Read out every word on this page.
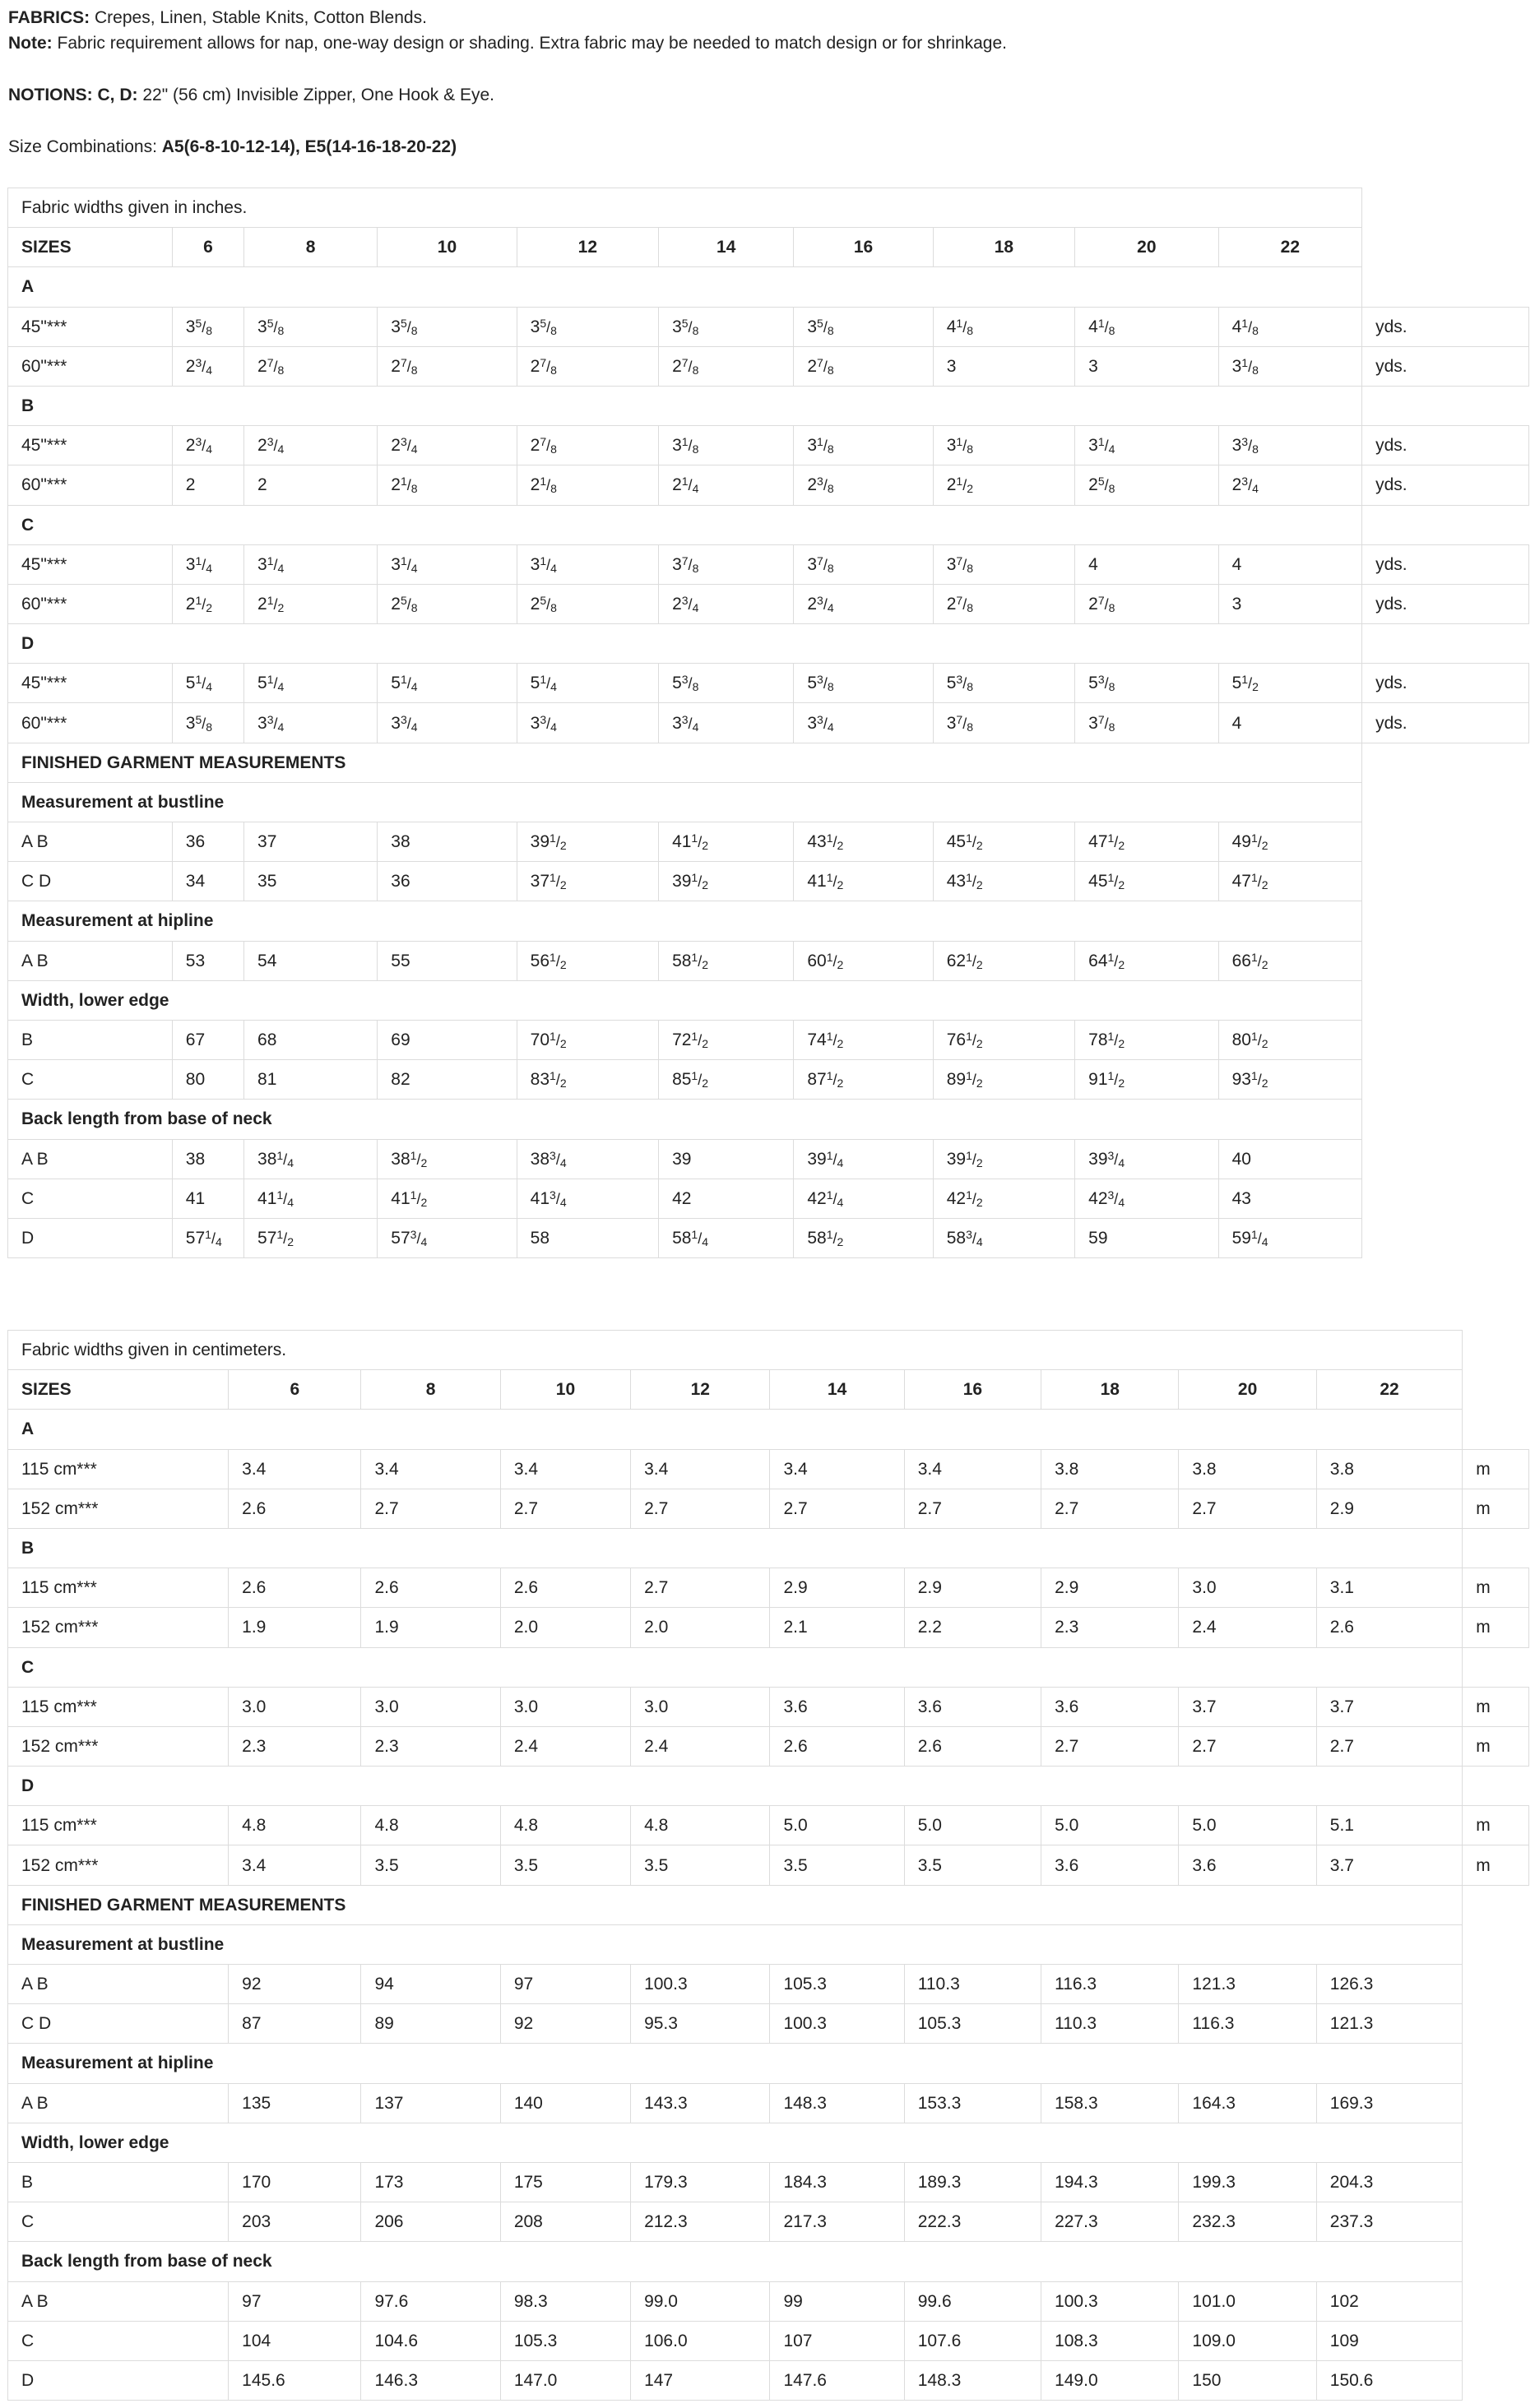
FABRICS: Crepes, Linen, Stable Knits, Cotton Blends.

Note: Fabric requirement allows for nap, one-way design or shading. Extra fabric may be needed to match design or for shrinkage.

NOTIONS: C, D: 22" (56 cm) Invisible Zipper, One Hook & Eye.

Size Combinations: A5(6-8-10-12-14), E5(14-16-18-20-22)

Fabric widths given in inches.										
SIZES	6	8	10	12	14	16	18	20	22	
A										
45"***	$3^5/_8$	$3^5/_8$	$3^5/_8$	$3^5/_8$	$3^5/_8$	$3^5/_8$	$4^1/_8$	$4^1/_8$	$4^1/_8$	yds.
60"***	$2^3/_4$	$2^7/_8$	$2^7/_8$	$2^7/_8$	$2^7/_8$	$2^7/_8$	3	3	$3^1/_8$	yds.
B										
45"***	$2^3/_4$	$2^3/_4$	$2^3/_4$	$2^7/_8$	$3^1/_8$	$3^1/_8$	$3^1/_8$	$3^1/_4$	$3^3/_8$	yds.
60"***	2	2	$2^1/_8$	$2^1/_8$	$2^1/_4$	$2^3/_8$	$2^1/_2$	$2^5/_8$	$2^3/_4$	yds.
C										
45"***	$3^1/_4$	$3^1/_4$	$3^1/_4$	$3^1/_4$	$3^7/_8$	$3^7/_8$	$3^7/_8$	4	4	yds.
60"***	$2^1/_2$	$2^1/_2$	$2^5/_8$	$2^5/_8$	$2^3/_4$	$2^3/_4$	$2^7/_8$	$2^7/_8$	3	yds.
D										
45"***	$5^1/_4$	$5^1/_4$	$5^1/_4$	$5^1/_4$	$5^3/_8$	$5^3/_8$	$5^3/_8$	$5^3/_8$	$5^1/_2$	yds.
60"***	$3^5/_8$	$3^3/_4$	$3^3/_4$	$3^3/_4$	$3^3/_4$	$3^3/_4$	$3^7/_8$	$3^7/_8$	4	yds.
FINISHED GARMENT MEASUREMENTS										
Measurement at bustline										
A B	36	37	38	$39^1/_2$	$41^1/_2$	$43^1/_2$	$45^1/_2$	$47^1/_2$	$49^1/_2$	
C D	34	35	36	$37^1/_2$	$39^1/_2$	$41^1/_2$	$43^1/_2$	$45^1/_2$	$47^1/_2$	
Measurement at hipline										
A B	53	54	55	$56^1/_2$	$58^1/_2$	$60^1/_2$	$62^1/_2$	$64^1/_2$	$66^1/_2$	
Width, lower edge										
B	67	68	69	$70^1/_2$	$72^1/_2$	$74^1/_2$	$76^1/_2$	$78^1/_2$	$80^1/_2$	
C	80	81	82	$83^1/_2$	$85^1/_2$	$87^1/_2$	$89^1/_2$	$91^1/_2$	$93^1/_2$	
Back length from base of neck										
A B	38	$38^1/_4$	$38^1/_2$	$38^3/_4$	39	$39^1/_4$	$39^1/_2$	$39^3/_4$	40	
C	41	$41^1/_4$	$41^1/_2$	$41^3/_4$	42	$42^1/_4$	$42^1/_2$	$42^3/_4$	43	
D	$57^1/_4$	$57^1/_2$	$57^3/_4$	58	$58^1/_4$	$58^1/_2$	$58^3/_4$	59	$59^1/_4$	
Fabric widths given in centimeters.										
SIZES	6	8	10	12	14	16	18	20	22	
A										
115 cm***	3.4	3.4	3.4	3.4	3.4	3.4	3.8	3.8	3.8	m
152 cm***	2.6	2.7	2.7	2.7	2.7	2.7	2.7	2.7	2.9	m
B										
115 cm***	2.6	2.6	2.6	2.7	2.9	2.9	2.9	3.0	3.1	m
152 cm***	1.9	1.9	2.0	2.0	2.1	2.2	2.3	2.4	2.6	m
C										
115 cm***	3.0	3.0	3.0	3.0	3.6	3.6	3.6	3.7	3.7	m
152 cm***	2.3	2.3	2.4	2.4	2.6	2.6	2.7	2.7	2.7	m
D										
115 cm***	4.8	4.8	4.8	4.8	5.0	5.0	5.0	5.0	5.1	m
152 cm***	3.4	3.5	3.5	3.5	3.5	3.5	3.6	3.6	3.7	m
FINISHED GARMENT MEASUREMENTS										
Measurement at bustline										
A B	92	94	97	100.3	105.3	110.3	116.3	121.3	126.3	
C D	87	89	92	95.3	100.3	105.3	110.3	116.3	121.3	
Measurement at hipline										
A B	135	137	140	143.3	148.3	153.3	158.3	164.3	169.3	
Width, lower edge										
B	170	173	175	179.3	184.3	189.3	194.3	199.3	204.3	
C	203	206	208	212.3	217.3	222.3	227.3	232.3	237.3	
Back length from base of neck										
A B	97	97.6	98.3	99.0	99	99.6	100.3	101.0	102	
C	104	104.6	105.3	106.0	107	107.6	108.3	109.0	109	
D	145.6	146.3	147.0	147	147.6	148.3	149.0	150	150.6	
